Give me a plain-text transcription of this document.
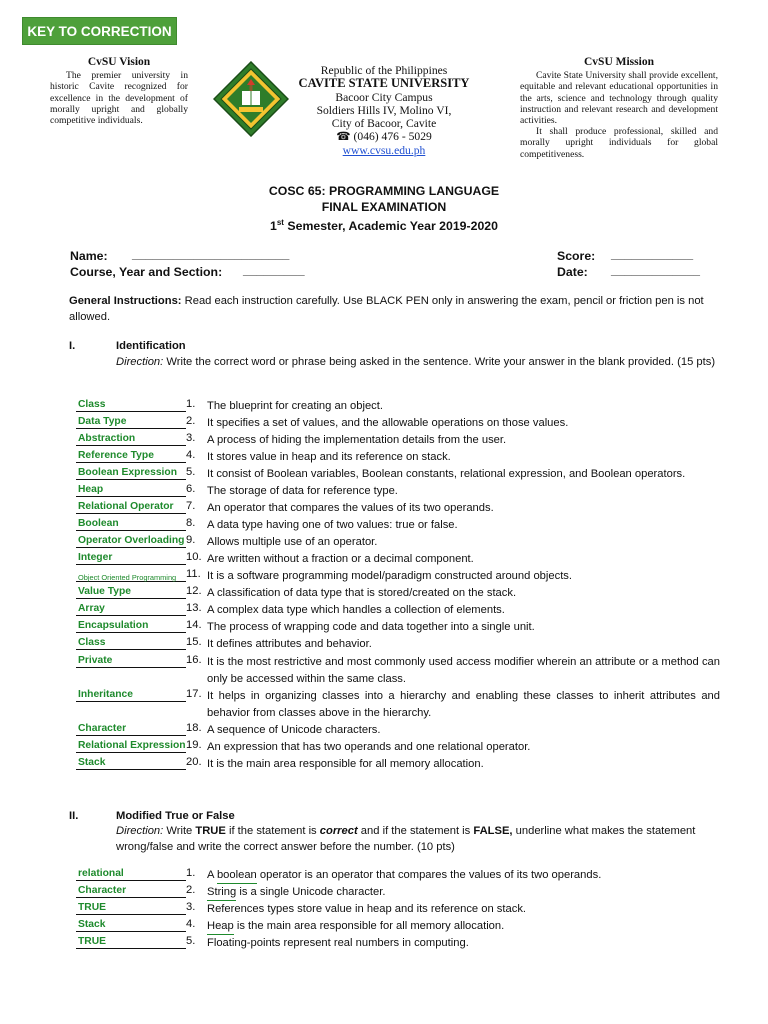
KEY TO CORRECTION
CvSU Vision

The premier university in historic Cavite recognized for excellence in the development of morally upright and globally competitive individuals.

Republic of the Philippines
CAVITE STATE UNIVERSITY
Bacoor City Campus
Soldiers Hills IV, Molino VI,
City of Bacoor, Cavite
☎ (046) 476 - 5029
www.cvsu.edu.ph
CvSU Mission

Cavite State University shall provide excellent, equitable and relevant educational opportunities in the arts, science and technology through quality instruction and relevant research and development activities.

It shall produce professional, skilled and morally upright individuals for global competitiveness.

COSC 65: PROGRAMMING LANGUAGE
FINAL EXAMINATION
1st Semester, Academic Year 2019-2020
Name: _______________________
Course, Year and Section: _________
Score: ____________
Date: _____________
General Instructions: Read each instruction carefully. Use BLACK PEN only in answering the exam, pencil or friction pen is not allowed.
I.	Identification
Direction: Write the correct word or phrase being asked in the sentence. Write your answer in the blank provided. (15 pts)
Class	1.	The blueprint for creating an object.
Data Type	2.	It specifies a set of values, and the allowable operations on those values.
Abstraction	3.	A process of hiding the implementation details from the user.
Reference Type	4.	It stores value in heap and its reference on stack.
Boolean Expression 5.	It consist of Boolean variables, Boolean constants, relational expression, and Boolean operators.
Heap	6.	The storage of data for reference type.
Relational Operator 7.	An operator that compares the values of its two operands.
Boolean	8.	A data type having one of two values: true or false.
Operator Overloading 9.	Allows multiple use of an operator.
Integer	10. Are written without a fraction or a decimal component.
Object Oriented Programming 11. It is a software programming model/paradigm constructed around objects.
Value Type	12. A classification of data type that is stored/created on the stack.
Array	13. A complex data type which handles a collection of elements.
Encapsulation	14. The process of wrapping code and data together into a single unit.
Class	15. It defines attributes and behavior.
Private	16. It is the most restrictive and most commonly used access modifier wherein an attribute or a method can only be accessed within the same class.
Inheritance	17. It helps in organizing classes into a hierarchy and enabling these classes to inherit attributes and behavior from classes above in the hierarchy.
Character	18. A sequence of Unicode characters.
Relational Expression 19. An expression that has two operands and one relational operator.
Stack	20. It is the main area responsible for all memory allocation.
II.	Modified True or False
Direction: Write TRUE if the statement is correct and if the statement is FALSE, underline what makes the statement wrong/false and write the correct answer before the number. (10 pts)
relational	1.	A boolean operator is an operator that compares the values of its two operands.
Character	2.	String is a single Unicode character.
TRUE	3.	References types store value in heap and its reference on stack.
Stack	4.	Heap is the main area responsible for all memory allocation.
TRUE	5.	Floating-points represent real numbers in computing.
